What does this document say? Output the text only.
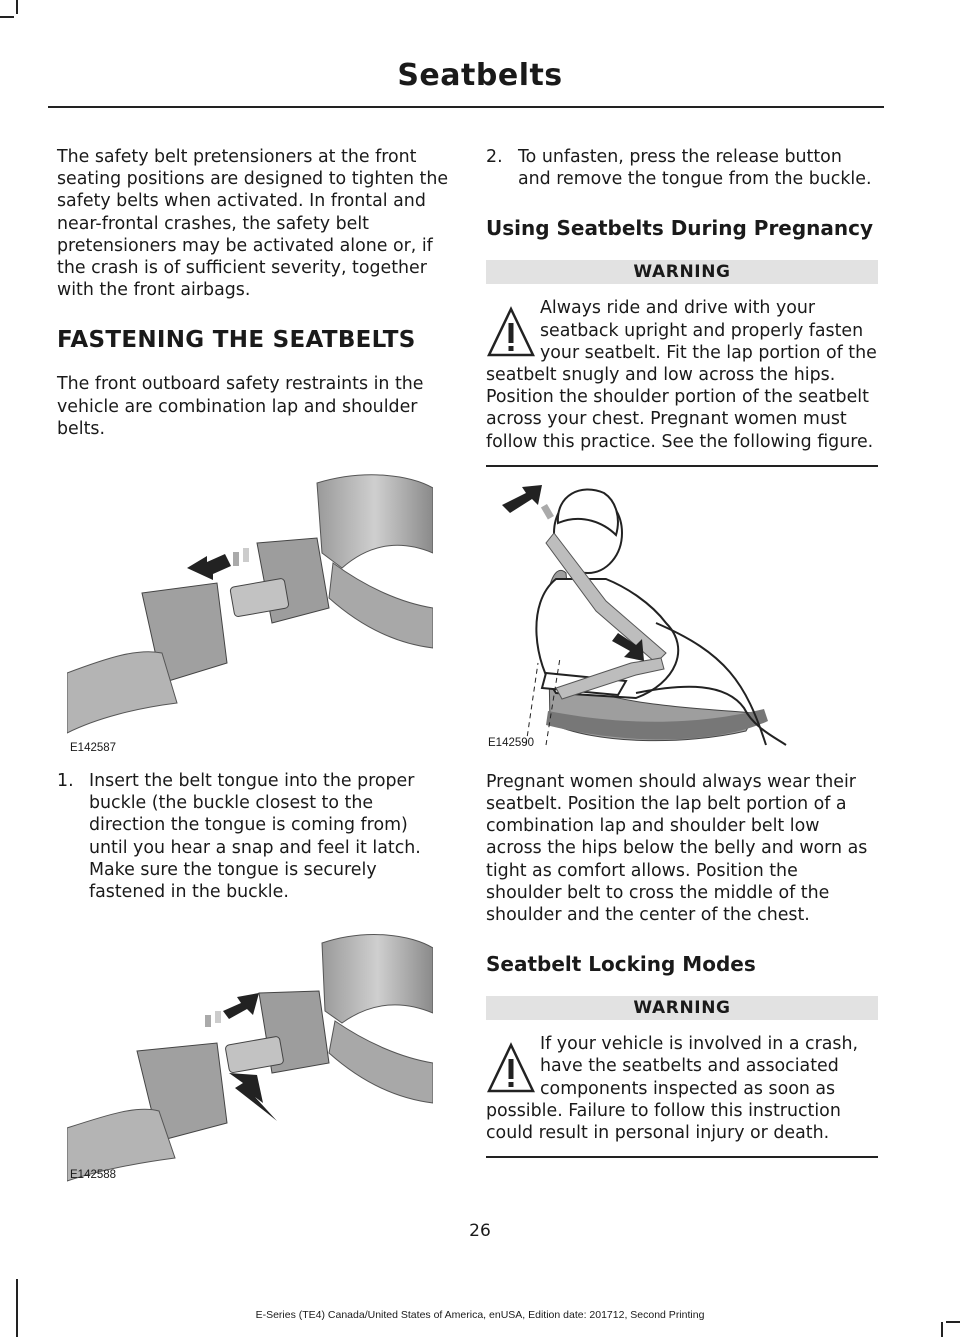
Seatbelts

The safety belt pretensioners at the front seating positions are designed to tighten the safety belts when activated. In frontal and near-frontal crashes, the safety belt pretensioners may be activated alone or, if the crash is of sufficient severity, together with the front airbags.

FASTENING THE SEATBELTS

The front outboard safety restraints in the vehicle are combination lap and shoulder belts.

E142587
1. Insert the belt tongue into the proper buckle (the buckle closest to the direction the tongue is coming from) until you hear a snap and feel it latch. Make sure the tongue is securely fastened in the buckle.
E142588
2. To unfasten, press the release button and remove the tongue from the buckle.
Using Seatbelts During Pregnancy
WARNING
Always ride and drive with your seatback upright and properly fasten your seatbelt. Fit the lap portion of the seatbelt snugly and low across the hips. Position the shoulder portion of the seatbelt across your chest. Pregnant women must follow this practice. See the following figure.
E142590

Pregnant women should always wear their seatbelt. Position the lap belt portion of a combination lap and shoulder belt low across the hips below the belly and worn as tight as comfort allows. Position the shoulder belt to cross the middle of the shoulder and the center of the chest.

Seatbelt Locking Modes
WARNING
If your vehicle is involved in a crash, have the seatbelts and associated components inspected as soon as possible. Failure to follow this instruction could result in personal injury or death.
26
E-Series (TE4) Canada/United States of America, enUSA, Edition date: 201712, Second Printing
